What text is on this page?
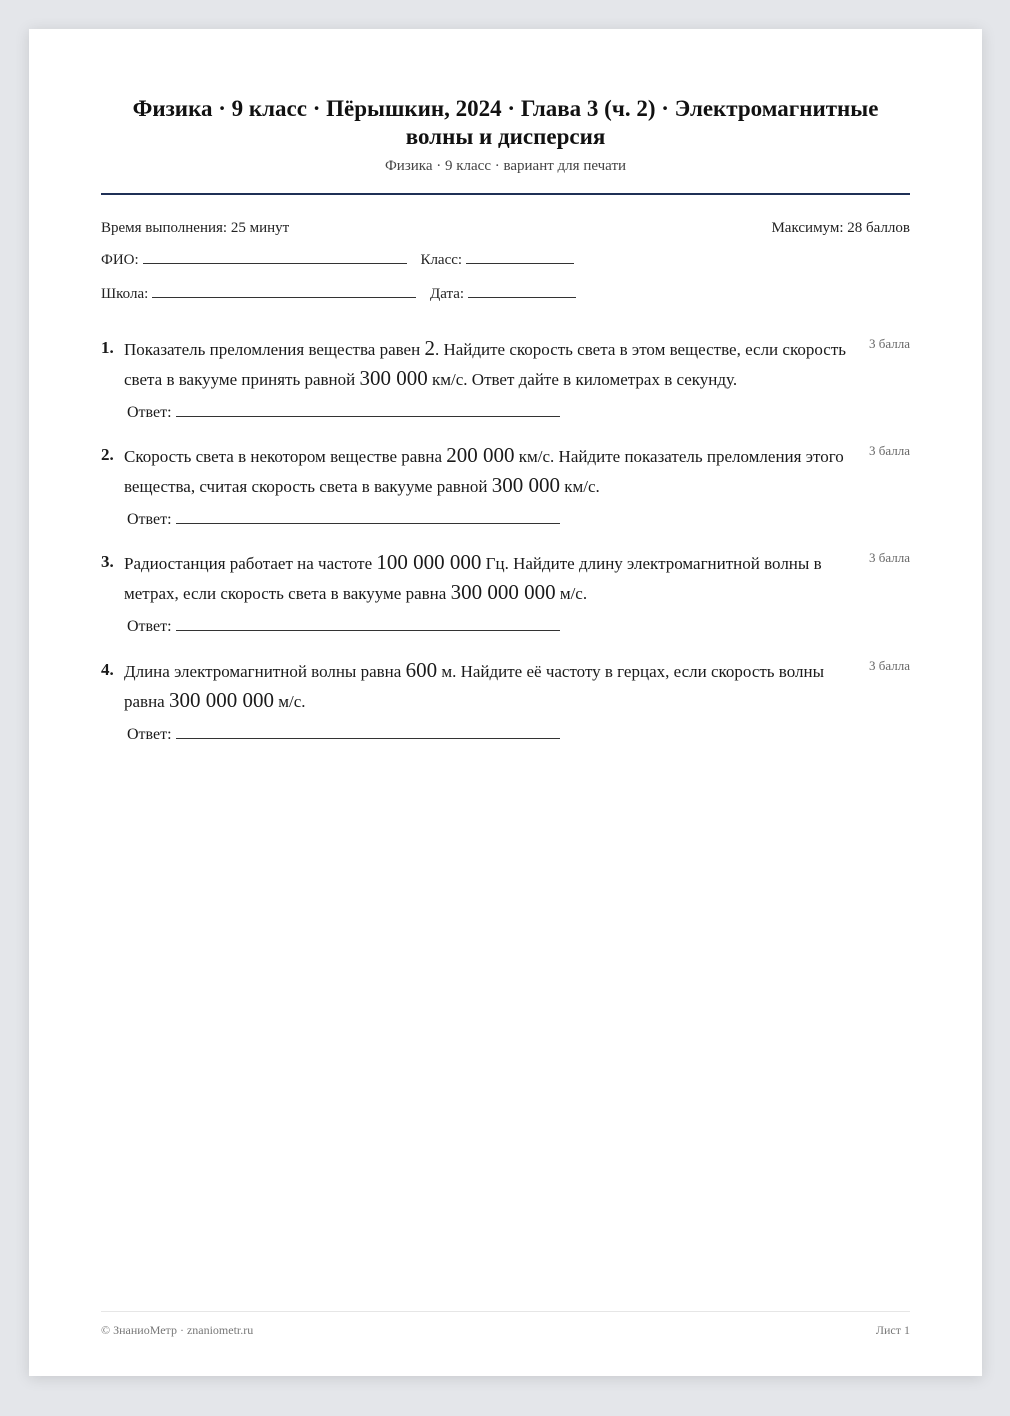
Физика · 9 класс · Пёрышкин, 2024 · Глава 3 (ч. 2) · Электромагнитные волны и дисперсия
Физика · 9 класс · вариант для печати
Время выполнения: 25 минут	Максимум: 28 баллов
ФИО:	Класс:
Школа:	Дата:
1. Показатель преломления вещества равен 2. Найдите скорость света в этом веществе, если скорость света в вакууме принять равной 300 000 км/с. Ответ дайте в километрах в секунду.
3 балла
Ответ:
2. Скорость света в некотором веществе равна 200 000 км/с. Найдите показатель преломления этого вещества, считая скорость света в вакууме равной 300 000 км/с.
3 балла
Ответ:
3. Радиостанция работает на частоте 100 000 000 Гц. Найдите длину электромагнитной волны в метрах, если скорость света в вакууме равна 300 000 000 м/с.
3 балла
Ответ:
4. Длина электромагнитной волны равна 600 м. Найдите её частоту в герцах, если скорость волны равна 300 000 000 м/с.
3 балла
Ответ:
© ЗнаниоМетр · znaniometr.ru	Лист 1
